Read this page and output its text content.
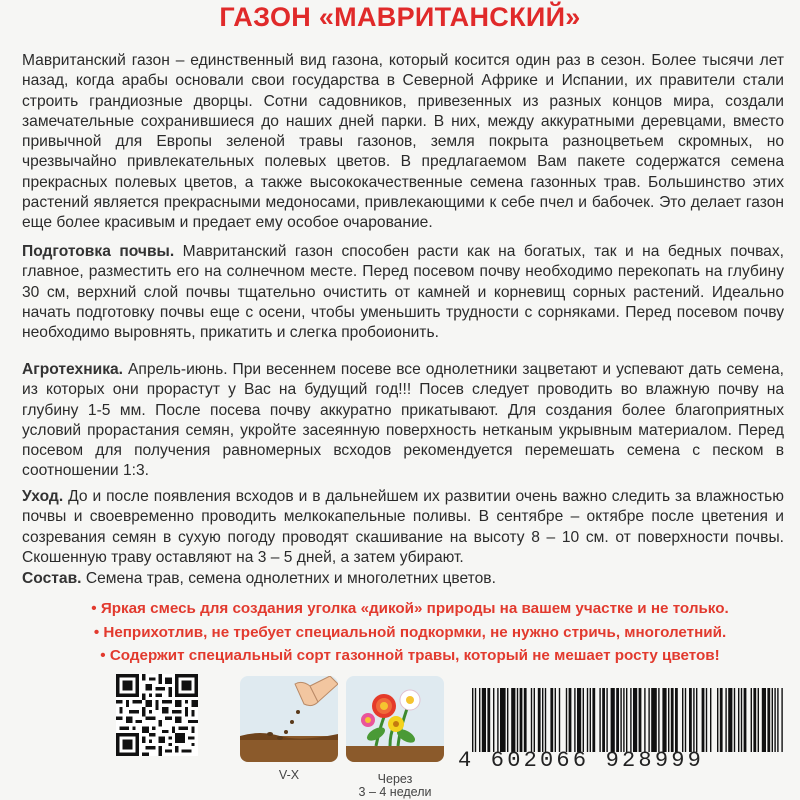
ГАЗОН «МАВРИТАНСКИЙ»
Мавританский газон – единственный вид газона, который косится один раз в сезон. Более тысячи лет назад, когда арабы основали свои государства в Северной Африке и Испании, их правители стали строить грандиозные дворцы. Сотни садовников, привезенных из разных концов мира, создали замечательные сохранившиеся до наших дней парки. В них, между аккуратными деревцами, вместо привычной для Европы зеленой травы газонов, земля покрыта разноцветьем скромных, но чрезвычайно привлекательных полевых цветов. В предлагаемом Вам пакете содержатся семена прекрасных полевых цветов, а также высококачественные семена газонных трав. Большинство этих растений является прекрасными медоносами, привлекающими к себе пчел и бабочек. Это делает газон еще более красивым и предает ему особое очарование.
Подготовка почвы. Мавританский газон способен расти как на богатых, так и на бедных почвах, главное, разместить его на солнечном месте. Перед посевом почву необходимо перекопать на глубину 30 см, верхний слой почвы тщательно очистить от камней и корневищ сорных растений. Идеально начать подготовку почвы еще с осени, чтобы уменьшить трудности с сорняками. Перед посевом почву необходимо выровнять, прикатить и слегка пробоионить.
Агротехника. Апрель-июнь. При весеннем посеве все однолетники зацветают и успевают дать семена, из которых они прорастут у Вас на будущий год!!! Посев следует проводить во влажную почву на глубину 1-5 мм. После посева почву аккуратно прикатывают. Для создания более благоприятных условий прорастания семян, укройте засеянную поверхность нетканым укрывным материалом. Перед посевом для получения равномерных всходов рекомендуется перемешать семена с песком в соотношении 1:3.
Уход. До и после появления всходов и в дальнейшем их развитии очень важно следить за влажностью почвы и своевременно проводить мелкокапельные поливы. В сентябре – октябре после цветения и созревания семян в сухую погоду проводят скашивание на высоту 8 – 10 см. от поверхности почвы. Скошенную траву оставляют на 3 – 5 дней, а затем убирают.
Состав. Семена трав, семена однолетних и многолетних цветов.
• Яркая смесь для создания уголка «дикой» природы на вашем участке и не только.
• Неприхотлив, не требует специальной подкормки, не нужно стричь, многолетний.
• Содержит специальный сорт газонной травы, который не мешает росту цветов!
V-X	Через
3 – 4 недели
4 602066 928999
